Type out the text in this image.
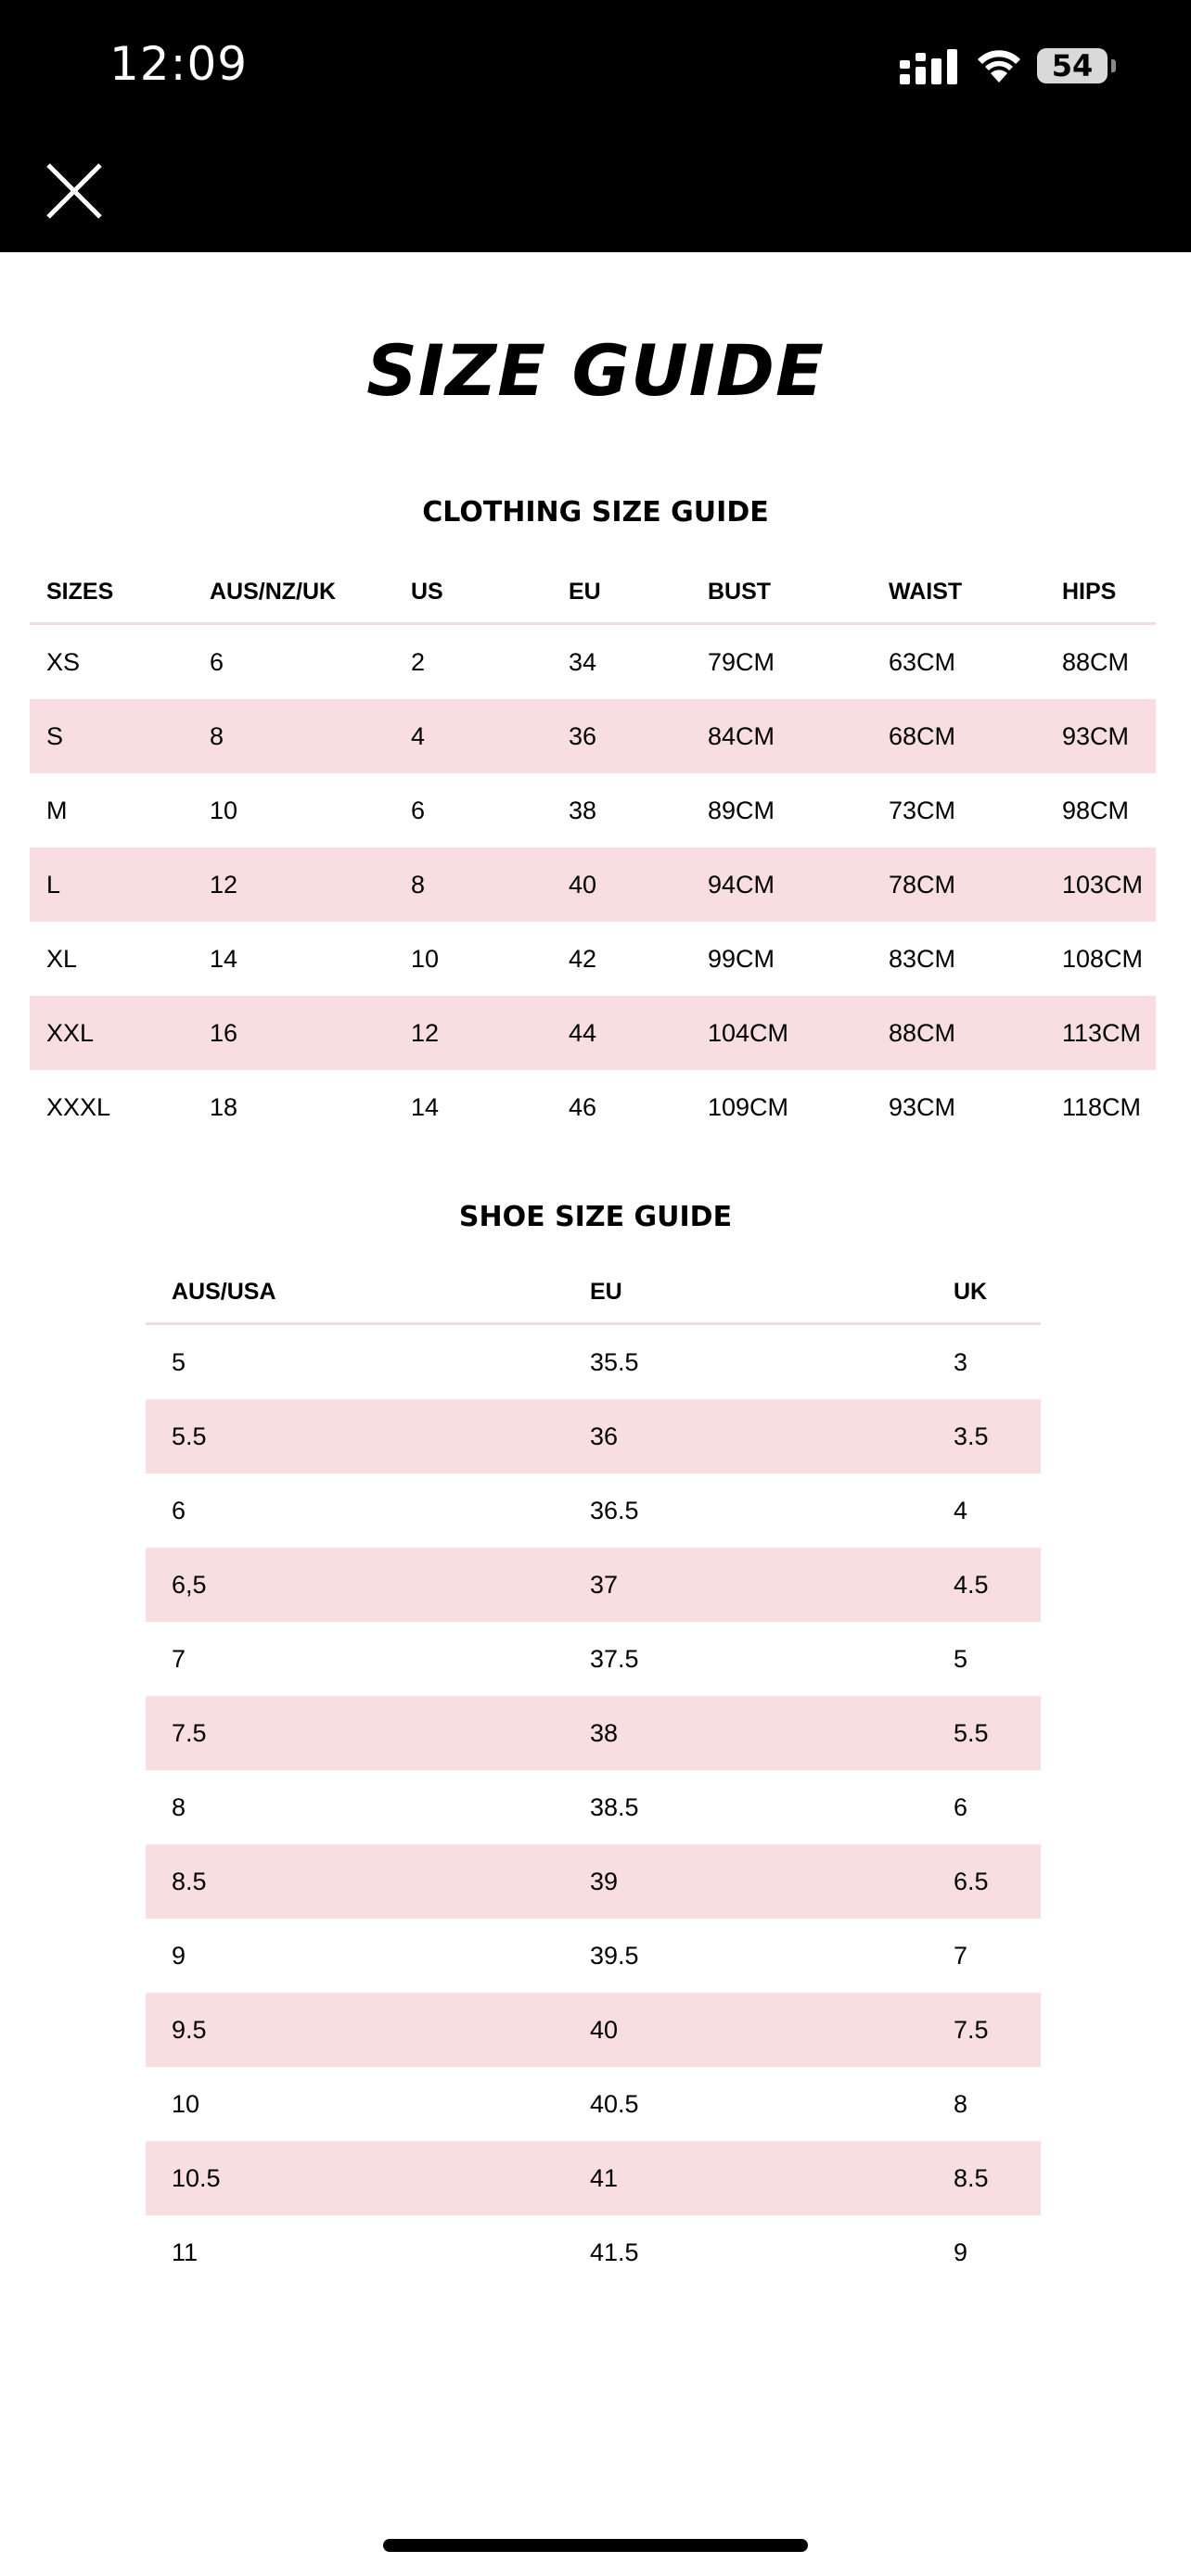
12:09	54
SIZE GUIDE
CLOTHING SIZE GUIDE
SIZES	AUS/NZ/UK	US	EU	BUST	WAIST	HIPS
XS	6	2	34	79CM	63CM	88CM
S	8	4	36	84CM	68CM	93CM
M	10	6	38	89CM	73CM	98CM
L	12	8	40	94CM	78CM	103CM
XL	14	10	42	99CM	83CM	108CM
XXL	16	12	44	104CM	88CM	113CM
XXXL	18	14	46	109CM	93CM	118CM
SHOE SIZE GUIDE
AUS/USA	EU	UK
5	35.5	3
5.5	36	3.5
6	36.5	4
6,5	37	4.5
7	37.5	5
7.5	38	5.5
8	38.5	6
8.5	39	6.5
9	39.5	7
9.5	40	7.5
10	40.5	8
10.5	41	8.5
11	41.5	9
